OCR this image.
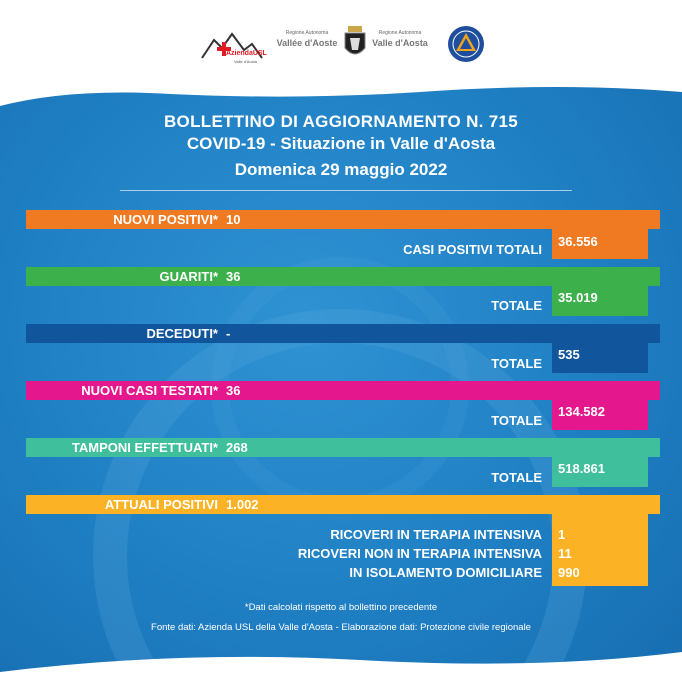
AziendaUSL
Valle d'Aosta
Regione Autonoma
Vallée d'Aoste
Regione Autonoma
Valle d'Aosta
BOLLETTINO DI AGGIORNAMENTO N. 715
COVID-19 - Situazione in Valle d'Aosta
Domenica 29 maggio 2022
NUOVI POSITIVI* 10
36.556
CASI POSITIVI TOTALI
GUARITI* 36
35.019
TOTALE
DECEDUTI* -
535
TOTALE
NUOVI CASI TESTATI* 36
134.582
TOTALE
TAMPONI EFFETTUATI* 268
518.861
TOTALE
ATTUALI POSITIVI 1.002
RICOVERI IN TERAPIA INTENSIVA 1
RICOVERI NON IN TERAPIA INTENSIVA 11
IN ISOLAMENTO DOMICILIARE 990
*Dati calcolati rispetto al bollettino precedente
Fonte dati: Azienda USL della Valle d'Aosta - Elaborazione dati: Protezione civile regionale
